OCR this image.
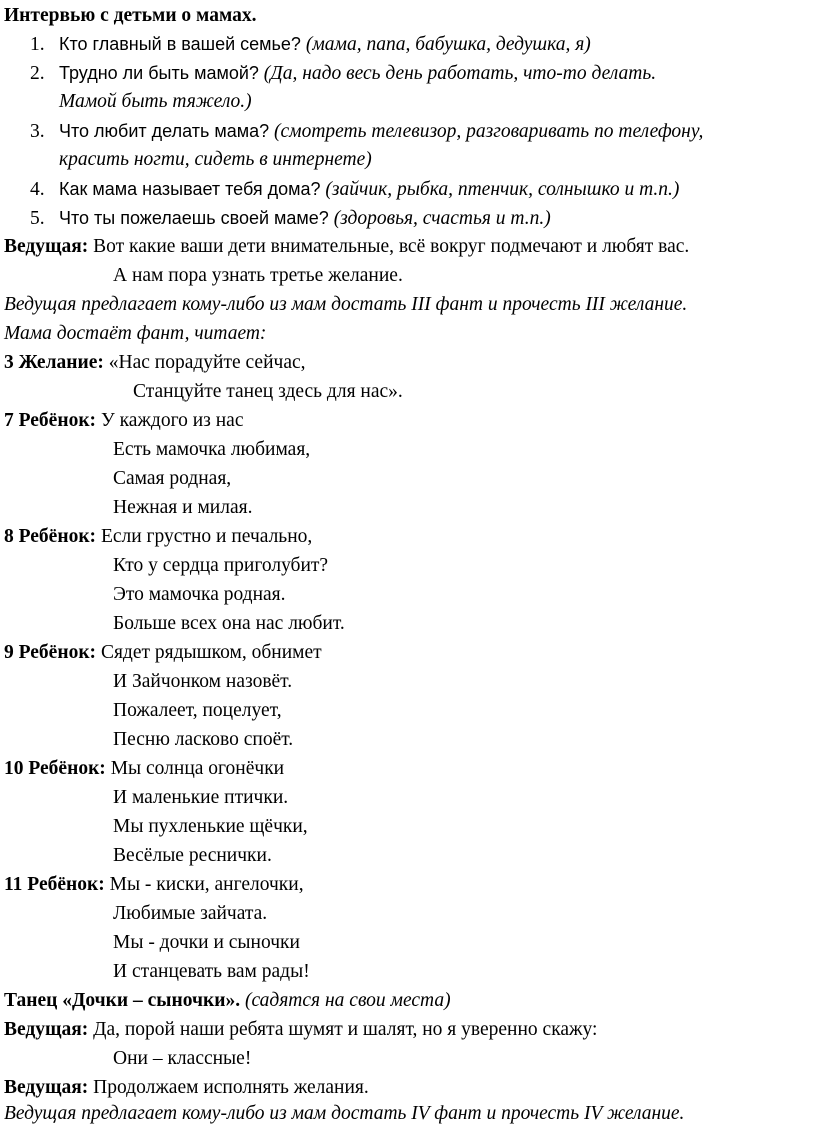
Интервью с детьми о мамах.
1. Кто главный в вашей семье? (мама, папа, бабушка, дедушка, я)
2. Трудно ли быть мамой? (Да, надо весь день работать, что-то делать.
Мамой быть тяжело.)
3. Что любит делать мама? (смотреть телевизор, разговаривать по телефону,
красить ногти, сидеть в интернете)
4. Как мама называет тебя дома? (зайчик, рыбка, птенчик, солнышко и т.п.)
5. Что ты пожелаешь своей маме? (здоровья, счастья и т.п.)
Ведущая: Вот какие ваши дети внимательные, всё вокруг подмечают и любят вас.
А нам пора узнать третье желание.
Ведущая предлагает кому-либо из мам достать III фант и прочесть III желание.
Мама достаёт фант, читает:
3 Желание: «Нас порадуйте сейчас,
Станцуйте танец здесь для нас».
7 Ребёнок: У каждого из нас
Есть мамочка любимая,
Самая родная,
Нежная и милая.
8 Ребёнок: Если грустно и печально,
Кто у сердца приголубит?
Это мамочка родная.
Больше всех она нас любит.
9 Ребёнок: Сядет рядышком, обнимет
И Зайчонком назовёт.
Пожалеет, поцелует,
Песню ласково споёт.
10 Ребёнок: Мы солнца огонёчки
И маленькие птички.
Мы пухленькие щёчки,
Весёлые реснички.
11 Ребёнок: Мы - киски, ангелочки,
Любимые зайчата.
Мы - дочки и сыночки
И станцевать вам рады!
Танец «Дочки – сыночки». (садятся на свои места)
Ведущая: Да, порой наши ребята шумят и шалят, но я уверенно скажу:
Они – классные!
Ведущая: Продолжаем исполнять желания.
Ведущая предлагает кому-либо из мам достать IV фант и прочесть IV желание.
